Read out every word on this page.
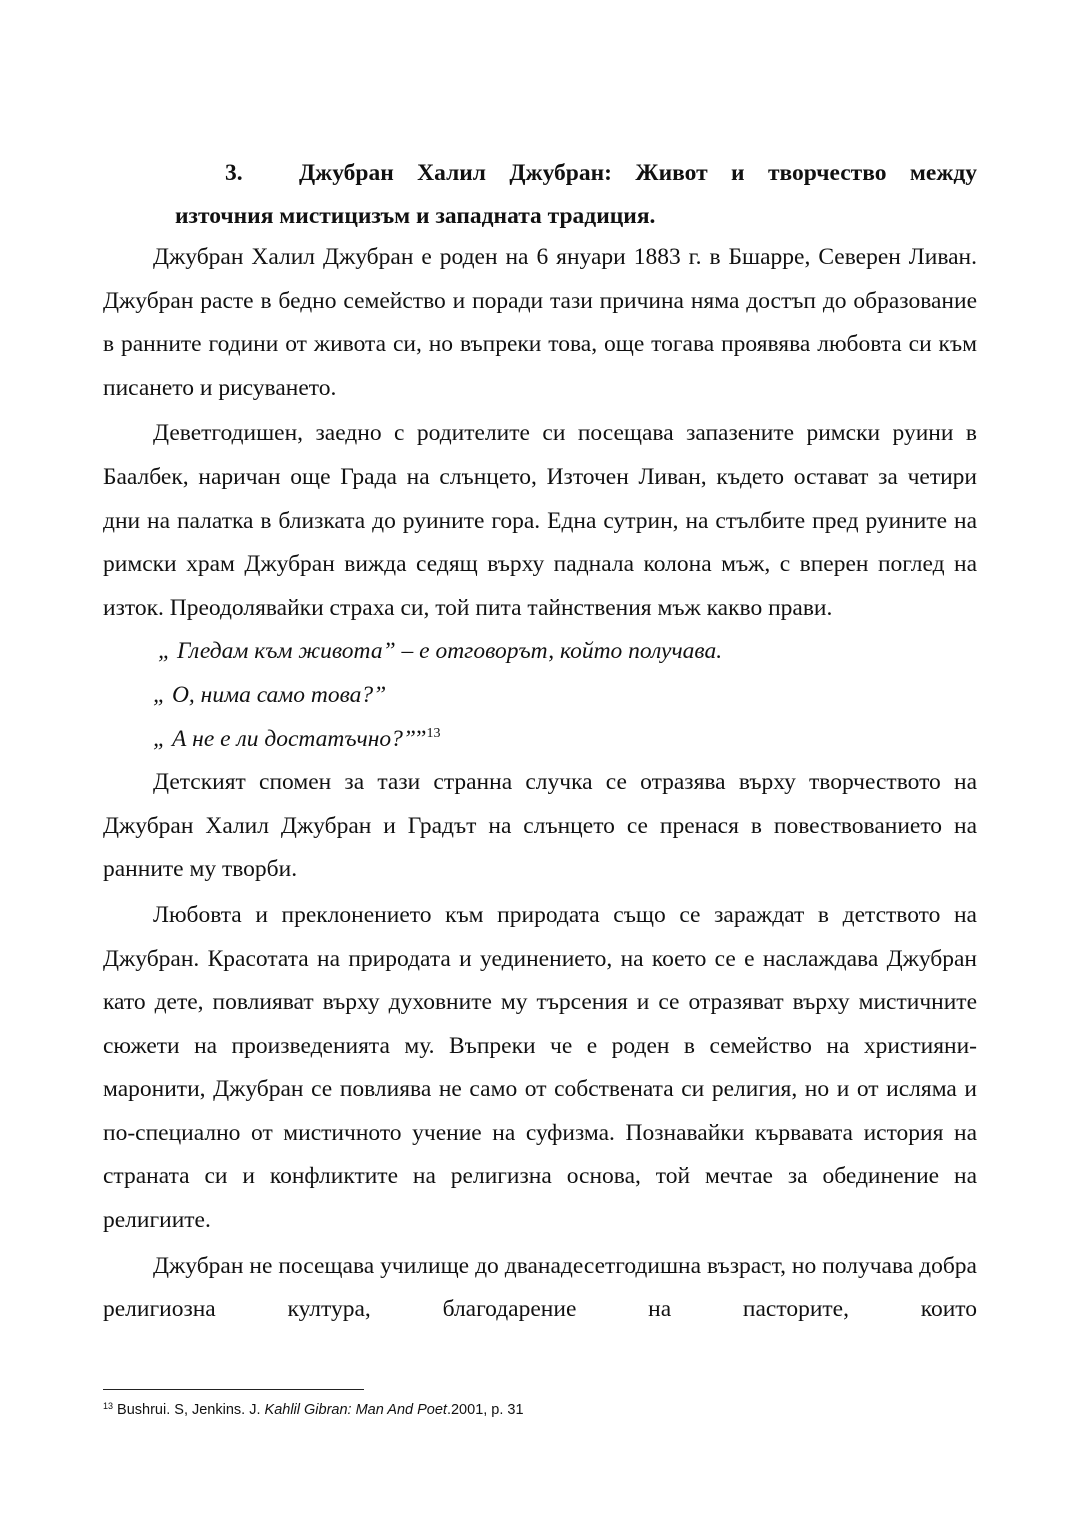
3.	Джубран Халил Джубран: Живот и творчество между
източния мистицизъм и западната традиция.

Джубран Халил Джубран е роден на 6 януари 1883 г. в Бшарре, Северен Ливан. Джубран расте в бедно семейство и поради тази причина няма достъп до образование в ранните години от живота си, но въпреки това, още тогава проявява любовта си към писането и рисуването.

Деветгодишен, заедно с родителите си посещава запазените римски руини в Баалбек, наричан още Града на слънцето, Източен Ливан, където остават за четири дни на палатка в близката до руините гора. Една сутрин, на стълбите пред руините на римски храм Джубран вижда седящ върху паднала колона мъж, с вперен поглед на изток. Преодолявайки страха си, той пита тайнствения мъж какво прави.

„ Гледам към живота” – е отговорът, който получава.

„ О, нима само това?”

„ А не е ли достатъчно?””$^{13}$

Детският спомен за тази странна случка се отразява върху творчеството на Джубран Халил Джубран и Градът на слънцето се пренася в повествованието на ранните му творби.

Любовта и преклонението към природата също се зараждат в детството на Джубран. Красотата на природата и уединението, на което се е наслаждава Джубран като дете, повлияват върху духовните му търсения и се отразяват върху мистичните сюжети на произведенията му. Въпреки че е роден в семейство на християни-маронити, Джубран се повлиява не само от собствената си религия, но и от исляма и по-специално от мистичното учение на суфизма. Познавайки кървавата история на страната си и конфликтите на религизна основа, той мечтае за обединение на религиите.

Джубран не посещава училище до дванадесетгодишна възраст, но получава добра религиозна култура, благодарение на пасторите, които

$^{13}$ Bushrui. S, Jenkins. J. Kahlil Gibran: Man And Poet.2001, p. 31
